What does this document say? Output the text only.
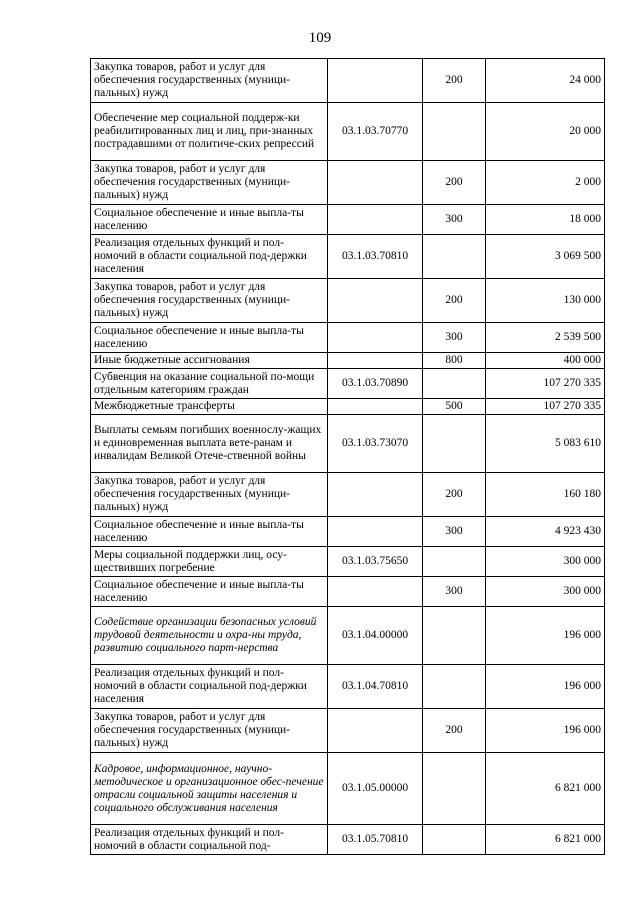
109
Закупка товаров, работ и услуг для обеспечения государственных (муници-пальных) нужд		200	24 000
Обеспечение мер социальной поддерж-ки реабилитированных лиц и лиц, при-знанных пострадавшими от политиче-ских репрессий	03.1.03.70770		20 000
Закупка товаров, работ и услуг для обеспечения государственных (муници-пальных) нужд		200	2 000
Социальное обеспечение и иные выпла-ты населению		300	18 000
Реализация отдельных функций и пол-номочий в области социальной под-держки населения	03.1.03.70810		3 069 500
Закупка товаров, работ и услуг для обеспечения государственных (муници-пальных) нужд		200	130 000
Социальное обеспечение и иные выпла-ты населению		300	2 539 500
Иные бюджетные ассигнования		800	400 000
Субвенция на оказание социальной по-мощи отдельным категориям граждан	03.1.03.70890		107 270 335
Межбюджетные трансферты		500	107 270 335
Выплаты семьям погибших военнослу-жащих и единовременная выплата вете-ранам и инвалидам Великой Отече-ственной войны	03.1.03.73070		5 083 610
Закупка товаров, работ и услуг для обеспечения государственных (муници-пальных) нужд		200	160 180
Социальное обеспечение и иные выпла-ты населению		300	4 923 430
Меры социальной поддержки лиц, осу-ществивших погребение	03.1.03.75650		300 000
Социальное обеспечение и иные выпла-ты населению		300	300 000
Содействие организации безопасных условий трудовой деятельности и охра-ны труда, развитию социального парт-нерства	03.1.04.00000		196 000
Реализация отдельных функций и пол-номочий в области социальной под-держки населения	03.1.04.70810		196 000
Закупка товаров, работ и услуг для обеспечения государственных (муници-пальных) нужд		200	196 000
Кадровое, информационное, научно-методическое и организационное обес-печение отрасли социальной защиты населения и социального обслуживания населения	03.1.05.00000		6 821 000
Реализация отдельных функций и пол-номочий в области социальной под-	03.1.05.70810		6 821 000
